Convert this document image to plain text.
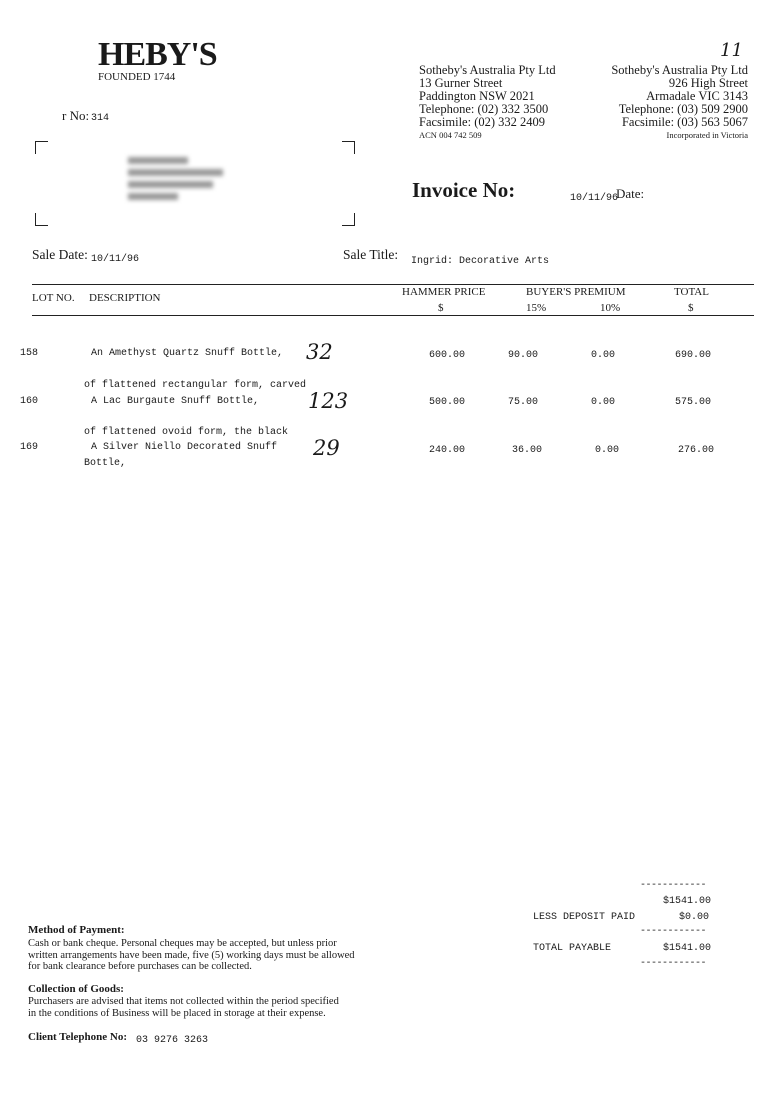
HEBY'S
FOUNDED 1744
r No: 314
11
Sotheby's Australia Pty Ltd
13 Gurner Street
Paddington NSW 2021
Telephone: (02) 332 3500
Facsimile: (02) 332 2409
ACN 004 742 509
Sotheby's Australia Pty Ltd
926 High Street
Armadale VIC 3143
Telephone: (03) 509 2900
Facsimile: (03) 563 5067
Incorporated in Victoria
Invoice No:	10/11/96
Date:
Sale Date: 10/11/96	Sale Title: Ingrid: Decorative Arts
LOT NO. DESCRIPTION	HAMMER PRICE
$
BUYER'S PREMIUM
15%	10%
TOTAL
$
158	An Amethyst Quartz Snuff Bottle,
of flattened rectangular form, carved
32	600.00	90.00	0.00	690.00
160	A Lac Burgaute Snuff Bottle,
of flattened ovoid form, the black
123	500.00	75.00	0.00	575.00
169	A Silver Niello Decorated Snuff
Bottle,
29	240.00	36.00	0.00	276.00
------------
$1541.00
LESS DEPOSIT PAID	$0.00
------------
TOTAL PAYABLE	$1541.00
------------
Method of Payment:
Cash or bank cheque. Personal cheques may be accepted, but unless prior
written arrangements have been made, five (5) working days must be allowed
for bank clearance before purchases can be collected.
Collection of Goods:
Purchasers are advised that items not collected within the period specified
in the conditions of Business will be placed in storage at their expense.
Client Telephone No: 03 9276 3263
